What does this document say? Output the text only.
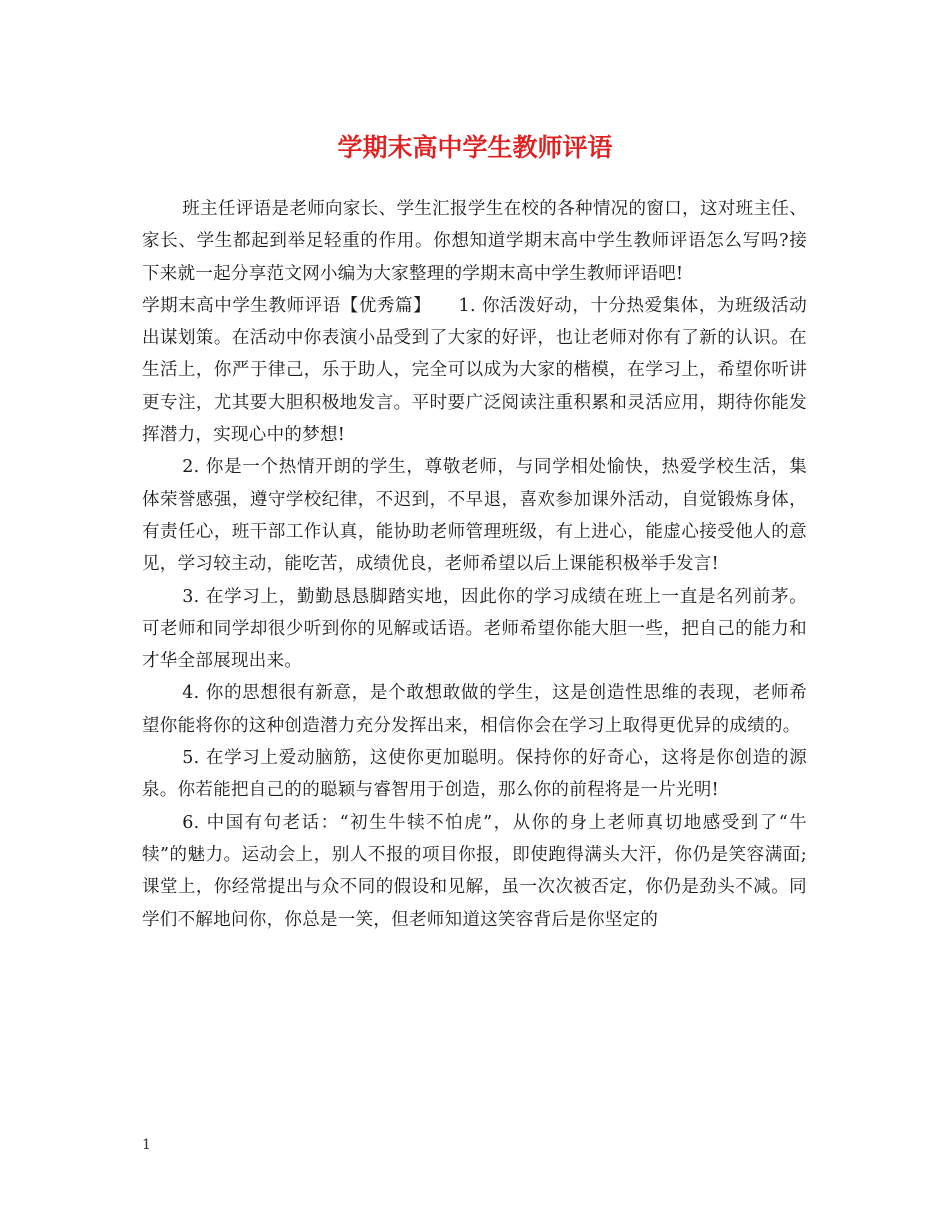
学期末高中学生教师评语

班主任评语是老师向家长、学生汇报学生在校的各种情况的窗口，这对班主任、家长、学生都起到举足轻重的作用。你想知道学期末高中学生教师评语怎么写吗?接下来就一起分享范文网小编为大家整理的学期末高中学生教师评语吧!

学期末高中学生教师评语【优秀篇】　　1. 你活泼好动，十分热爱集体，为班级活动出谋划策。在活动中你表演小品受到了大家的好评，也让老师对你有了新的认识。在生活上，你严于律己，乐于助人，完全可以成为大家的楷模，在学习上，希望你听讲更专注，尤其要大胆积极地发言。平时要广泛阅读注重积累和灵活应用，期待你能发挥潜力，实现心中的梦想!

2. 你是一个热情开朗的学生，尊敬老师，与同学相处愉快，热爱学校生活，集体荣誉感强，遵守学校纪律，不迟到，不早退，喜欢参加课外活动，自觉锻炼身体，有责任心，班干部工作认真，能协助老师管理班级，有上进心，能虚心接受他人的意见，学习较主动，能吃苦，成绩优良，老师希望以后上课能积极举手发言!

3. 在学习上，勤勤恳恳脚踏实地，因此你的学习成绩在班上一直是名列前茅。可老师和同学却很少听到你的见解或话语。老师希望你能大胆一些，把自己的能力和才华全部展现出来。

4. 你的思想很有新意，是个敢想敢做的学生，这是创造性思维的表现，老师希望你能将你的这种创造潜力充分发挥出来，相信你会在学习上取得更优异的成绩的。

5. 在学习上爱动脑筋，这使你更加聪明。保持你的好奇心，这将是你创造的源泉。你若能把自己的的聪颖与睿智用于创造，那么你的前程将是一片光明!

6. 中国有句老话：“初生牛犊不怕虎”，从你的身上老师真切地感受到了“牛犊”的魅力。运动会上，别人不报的项目你报，即使跑得满头大汗，你仍是笑容满面;课堂上，你经常提出与众不同的假设和见解，虽一次次被否定，你仍是劲头不减。同学们不解地问你，你总是一笑，但老师知道这笑容背后是你坚定的

1
